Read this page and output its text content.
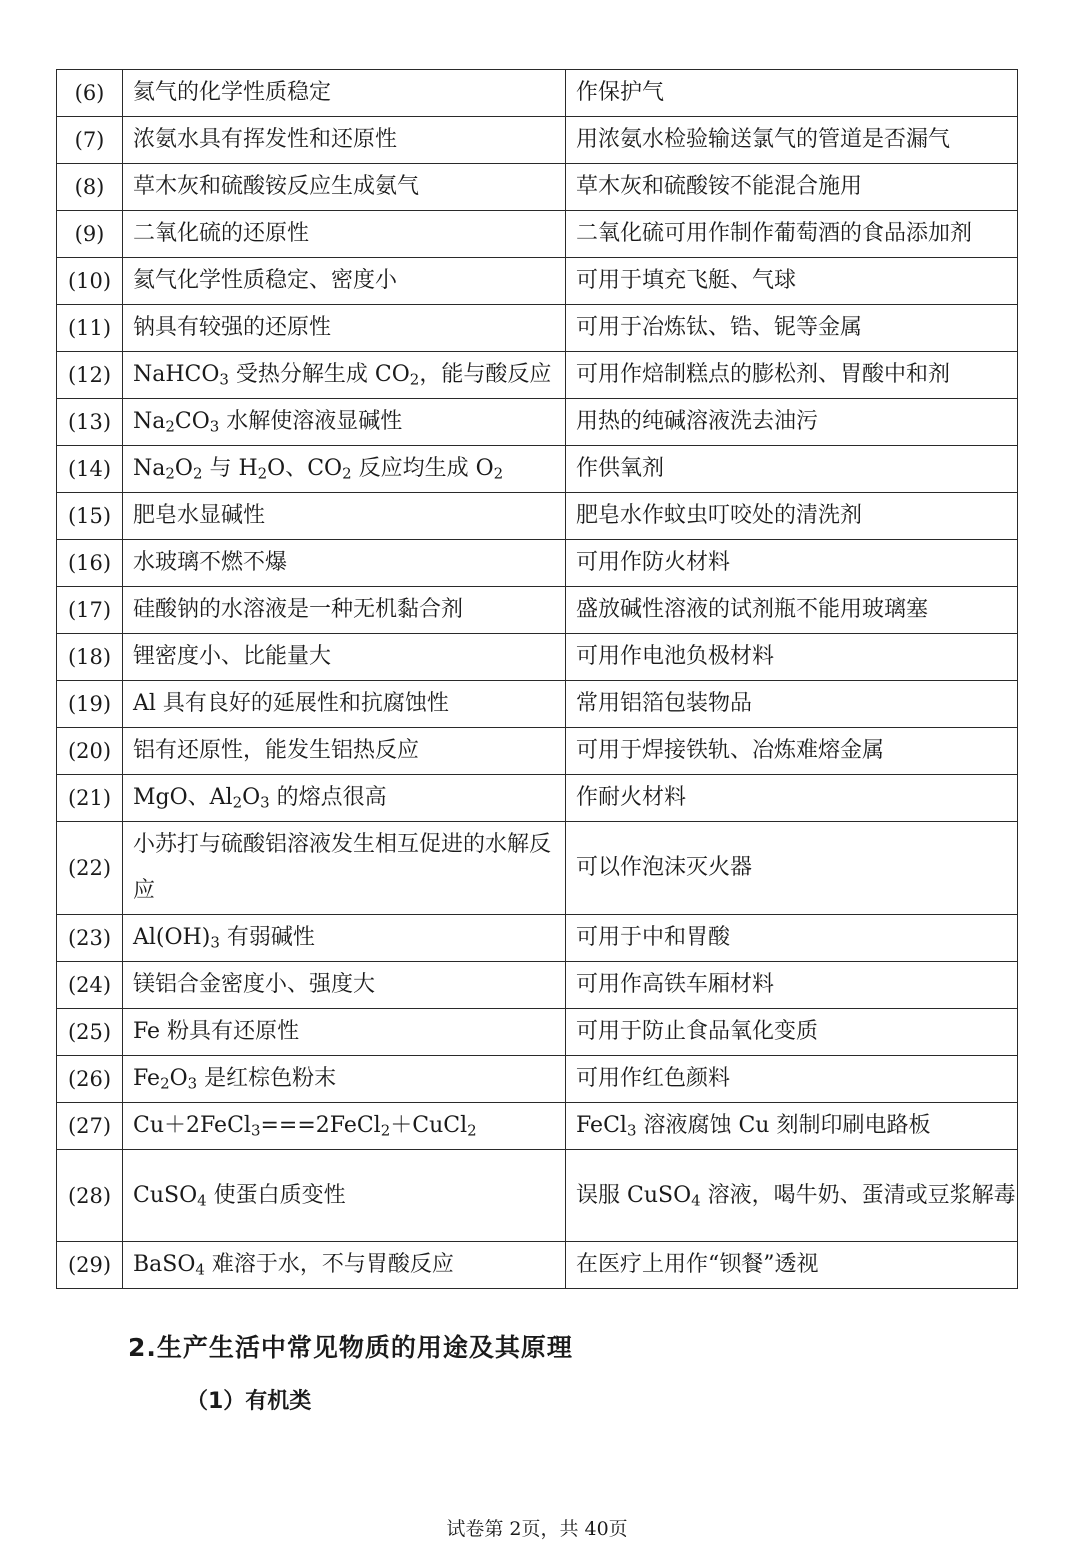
(6)	氦气的化学性质稳定	作保护气
(7)	浓氨水具有挥发性和还原性	用浓氨水检验输送氯气的管道是否漏气
(8)	草木灰和硫酸铵反应生成氨气	草木灰和硫酸铵不能混合施用
(9)	二氧化硫的还原性	二氧化硫可用作制作葡萄酒的食品添加剂
(10)	氦气化学性质稳定、密度小	可用于填充飞艇、气球
(11)	钠具有较强的还原性	可用于冶炼钛、锆、铌等金属
(12)	NaHCO$_3$ 受热分解生成 $CO_2$，能与酸反应	可用作焙制糕点的膨松剂、胃酸中和剂
(13)	$Na_2CO_3$ 水解使溶液显碱性	用热的纯碱溶液洗去油污
(14)	$Na_2O_2$ 与 $H_2O$、$CO_2$ 反应均生成 $O_2$	作供氧剂
(15)	肥皂水显碱性	肥皂水作蚊虫叮咬处的清洗剂
(16)	水玻璃不燃不爆	可用作防火材料
(17)	硅酸钠的水溶液是一种无机黏合剂	盛放碱性溶液的试剂瓶不能用玻璃塞
(18)	锂密度小、比能量大	可用作电池负极材料
(19)	Al 具有良好的延展性和抗腐蚀性	常用铝箔包装物品
(20)	铝有还原性，能发生铝热反应	可用于焊接铁轨、冶炼难熔金属
(21)	MgO、$Al_2O_3$ 的熔点很高	作耐火材料
(22)	小苏打与硫酸铝溶液发生相互促进的水解反应	可以作泡沫灭火器
(23)	$Al(OH)_3$ 有弱碱性	可用于中和胃酸
(24)	镁铝合金密度小、强度大	可用作高铁车厢材料
(25)	Fe 粉具有还原性	可用于防止食品氧化变质
(26)	$Fe_2O_3$ 是红棕色粉末	可用作红色颜料
(27)	Cu＋2FeCl$_3$===2FeCl$_2$＋CuCl$_2$	FeCl$_3$ 溶液腐蚀 Cu 刻制印刷电路板
(28)	CuSO$_4$ 使蛋白质变性	误服 CuSO$_4$ 溶液，喝牛奶、蛋清或豆浆解毒
(29)	BaSO$_4$ 难溶于水，不与胃酸反应	在医疗上用作“钡餐”透视
2.生产生活中常见物质的用途及其原理
（1）有机类
试卷第 2页，共 40页
